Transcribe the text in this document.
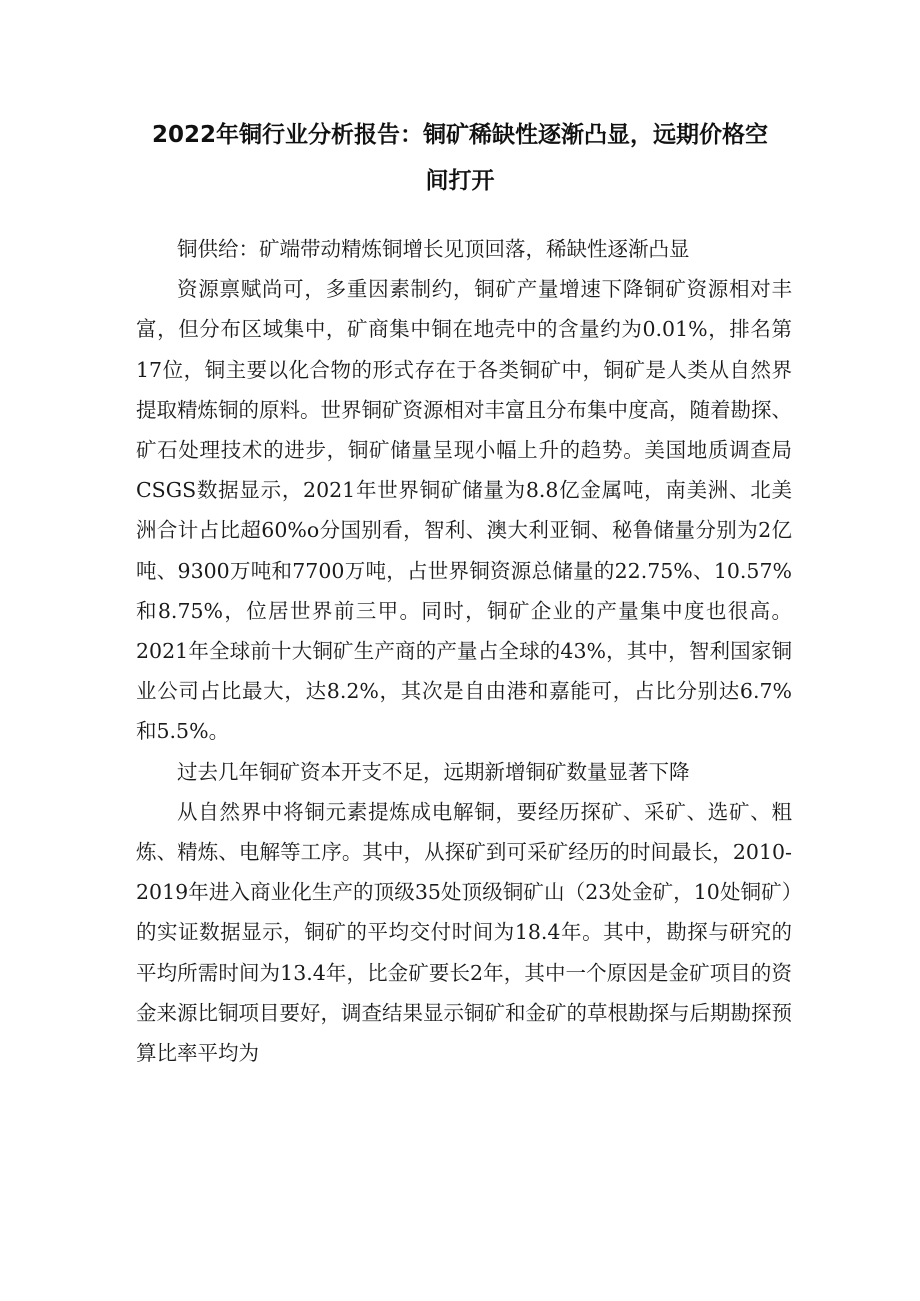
2022年铜行业分析报告：铜矿稀缺性逐渐凸显，远期价格空间打开

铜供给：矿端带动精炼铜增长见顶回落，稀缺性逐渐凸显

资源禀赋尚可，多重因素制约，铜矿产量增速下降铜矿资源相对丰富，但分布区域集中，矿商集中铜在地壳中的含量约为0.01%，排名第17位，铜主要以化合物的形式存在于各类铜矿中，铜矿是人类从自然界提取精炼铜的原料。世界铜矿资源相对丰富且分布集中度高，随着勘探、矿石处理技术的进步，铜矿储量呈现小幅上升的趋势。美国地质调查局CSGS数据显示，2021年世界铜矿储量为8.8亿金属吨，南美洲、北美洲合计占比超60%o分国别看，智利、澳大利亚铜、秘鲁储量分别为2亿吨、9300万吨和7700万吨，占世界铜资源总储量的22.75%、10.57%和8.75%，位居世界前三甲。同时，铜矿企业的产量集中度也很高。2021年全球前十大铜矿生产商的产量占全球的43%，其中，智利国家铜业公司占比最大，达8.2%，其次是自由港和嘉能可，占比分别达6.7%和5.5%。

过去几年铜矿资本开支不足，远期新增铜矿数量显著下降

从自然界中将铜元素提炼成电解铜，要经历探矿、采矿、选矿、粗炼、精炼、电解等工序。其中，从探矿到可采矿经历的时间最长，2010-2019年进入商业化生产的顶级35处顶级铜矿山（23处金矿，10处铜矿）的实证数据显示，铜矿的平均交付时间为18.4年。其中，勘探与研究的平均所需时间为13.4年，比金矿要长2年，其中一个原因是金矿项目的资金来源比铜项目要好，调查结果显示铜矿和金矿的草根勘探与后期勘探预算比率平均为
